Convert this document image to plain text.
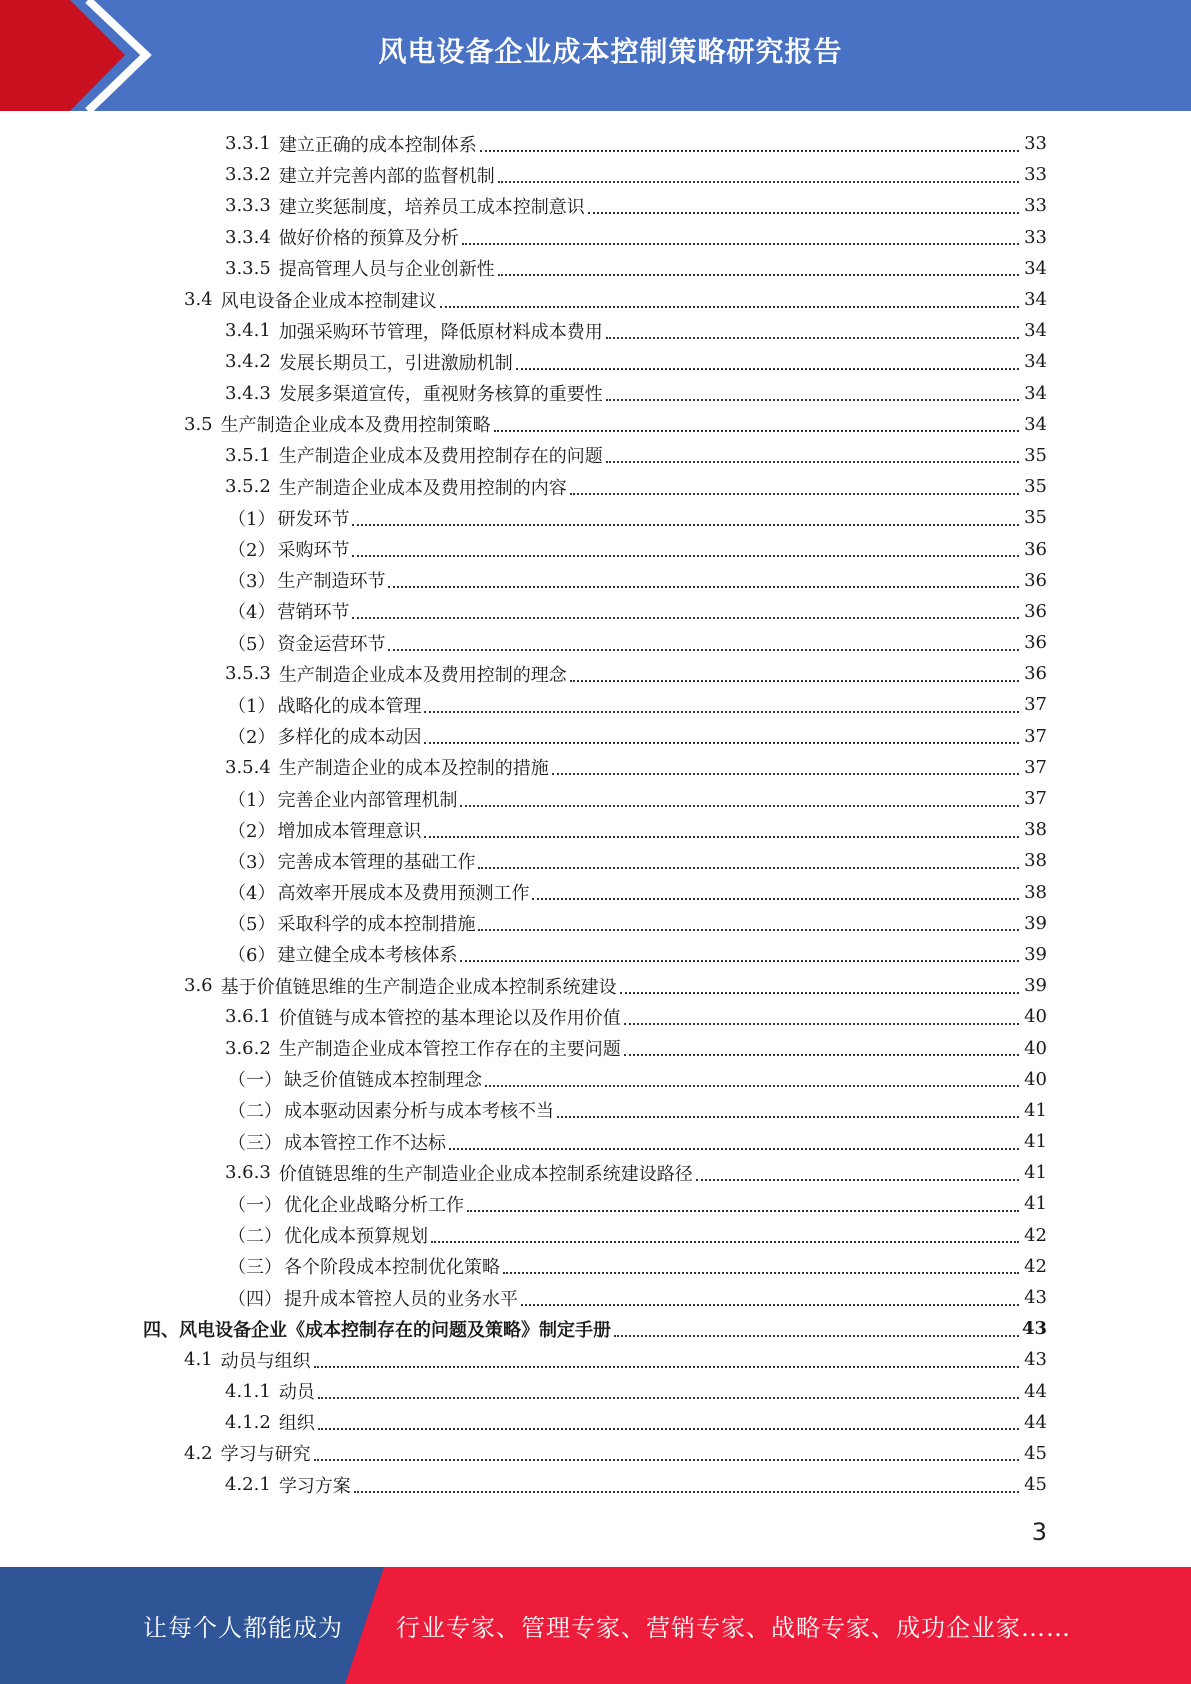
风电设备企业成本控制策略研究报告
3.3.1 建立正确的成本控制体系	33
3.3.2 建立并完善内部的监督机制	33
3.3.3 建立奖惩制度，培养员工成本控制意识	33
3.3.4 做好价格的预算及分析	33
3.3.5 提高管理人员与企业创新性	34
3.4 风电设备企业成本控制建议	34
3.4.1 加强采购环节管理，降低原材料成本费用	34
3.4.2 发展长期员工，引进激励机制	34
3.4.3 发展多渠道宣传，重视财务核算的重要性	34
3.5 生产制造企业成本及费用控制策略	34
3.5.1 生产制造企业成本及费用控制存在的问题	35
3.5.2 生产制造企业成本及费用控制的内容	35
（1） 研发环节	35
（2） 采购环节	36
（3） 生产制造环节	36
（4） 营销环节	36
（5） 资金运营环节	36
3.5.3 生产制造企业成本及费用控制的理念	36
（1） 战略化的成本管理	37
（2） 多样化的成本动因	37
3.5.4 生产制造企业的成本及控制的措施	37
（1） 完善企业内部管理机制	37
（2） 增加成本管理意识	38
（3） 完善成本管理的基础工作	38
（4） 高效率开展成本及费用预测工作	38
（5） 采取科学的成本控制措施	39
（6） 建立健全成本考核体系	39
3.6 基于价值链思维的生产制造企业成本控制系统建设	39
3.6.1 价值链与成本管控的基本理论以及作用价值	40
3.6.2 生产制造企业成本管控工作存在的主要问题	40
（一） 缺乏价值链成本控制理念	40
（二） 成本驱动因素分析与成本考核不当	41
（三） 成本管控工作不达标	41
3.6.3 价值链思维的生产制造业企业成本控制系统建设路径	41
（一） 优化企业战略分析工作	41
（二） 优化成本预算规划	42
（三） 各个阶段成本控制优化策略	42
（四） 提升成本管控人员的业务水平	43
四、 风电设备企业《成本控制存在的问题及策略》制定手册	43
4.1 动员与组织	43
4.1.1 动员	44
4.1.2 组织	44
4.2 学习与研究	45
4.2.1 学习方案	45
3
让每个人都能成为 行业专家、管理专家、营销专家、战略专家、成功企业家……
